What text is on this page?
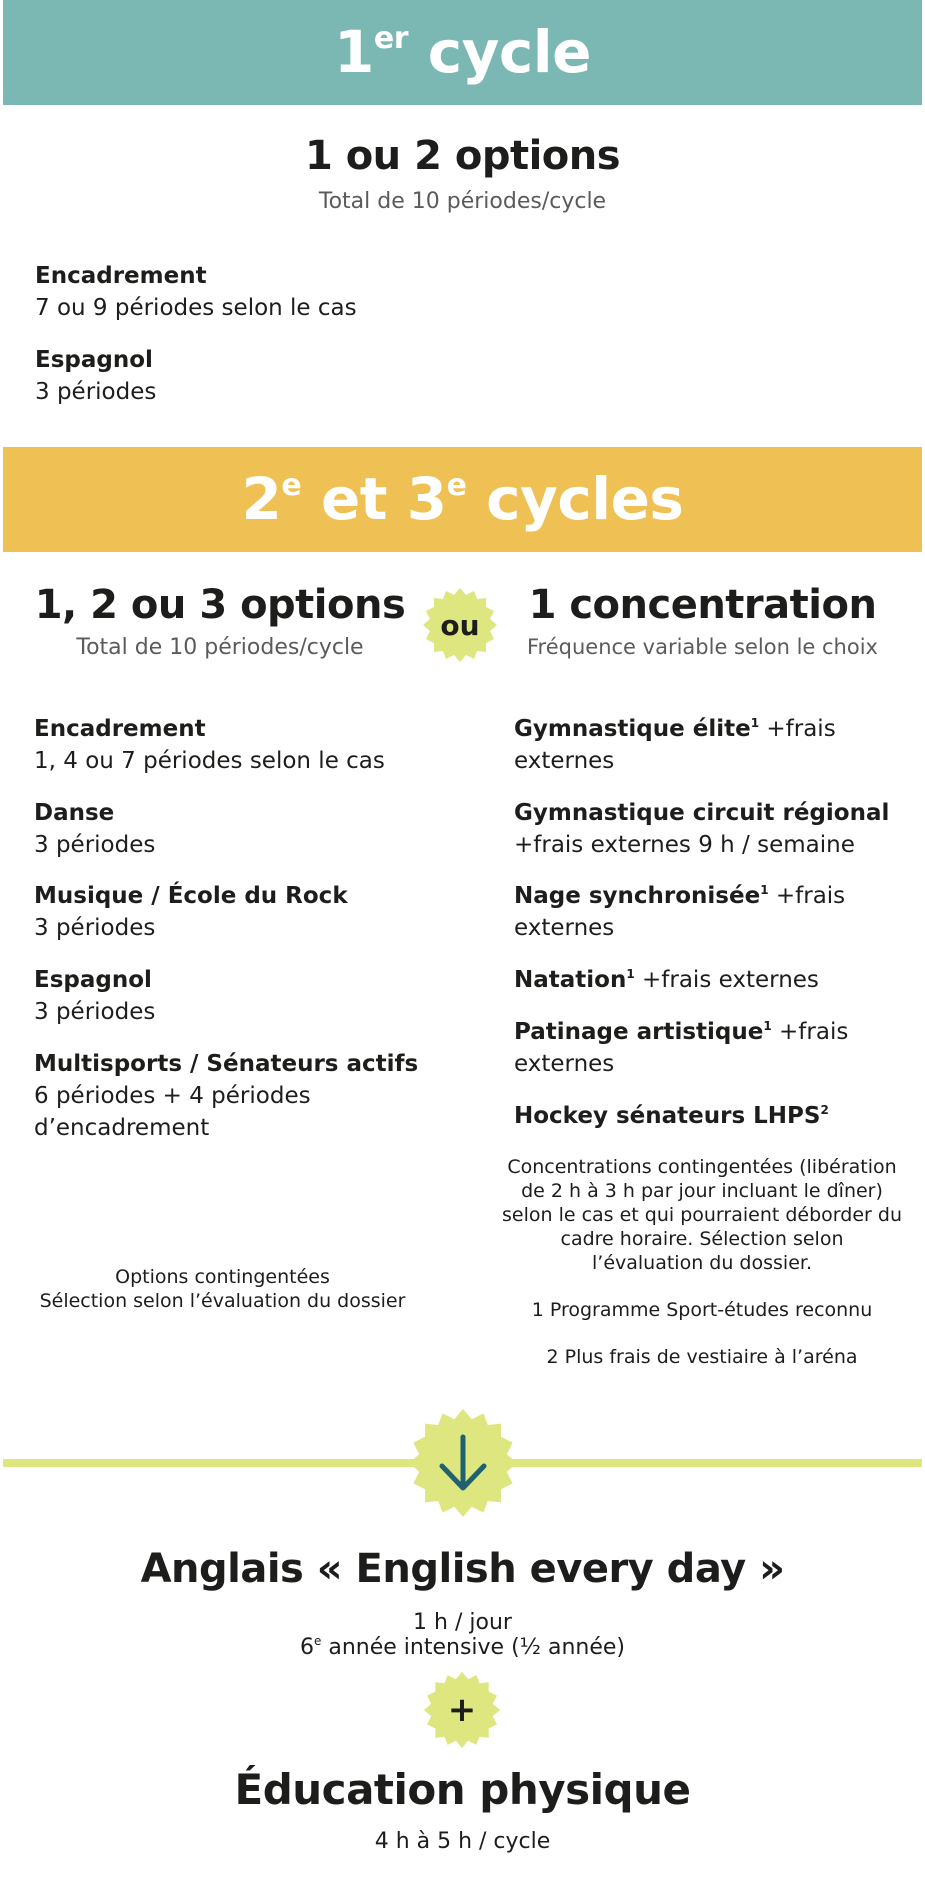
1er cycle
1 ou 2 options
Total de 10 périodes/cycle
Encadrement
7 ou 9 périodes selon le cas
Espagnol
3 périodes
2e et 3e cycles
1, 2 ou 3 options
Total de 10 périodes/cycle
ou	1 concentration
Fréquence variable selon le choix
Encadrement
1, 4 ou 7 périodes selon le cas
Danse
3 périodes
Musique / École du Rock
3 périodes
Espagnol
3 périodes
Multisports / Sénateurs actifs
6 périodes + 4 périodes d’encadrement
Options contingentées
Sélection selon l’évaluation du dossier
Gymnastique élite$^1$ +frais externes
Gymnastique circuit régional
+frais externes 9 h / semaine
Nage synchronisée$^1$ +frais externes
Natation$^1$ +frais externes
Patinage artistique$^1$ +frais externes
Hockey sénateurs LHPS$^2$
Concentrations contingentées (libération de 2 h à 3 h par jour incluant le dîner) selon le cas et qui pourraient déborder du cadre horaire. Sélection selon l’évaluation du dossier.
1 Programme Sport-études reconnu
2 Plus frais de vestiaire à l’aréna
Anglais « English every day »
1 h / jour
6e année intensive (½ année)
+
Éducation physique
4 h à 5 h / cycle
